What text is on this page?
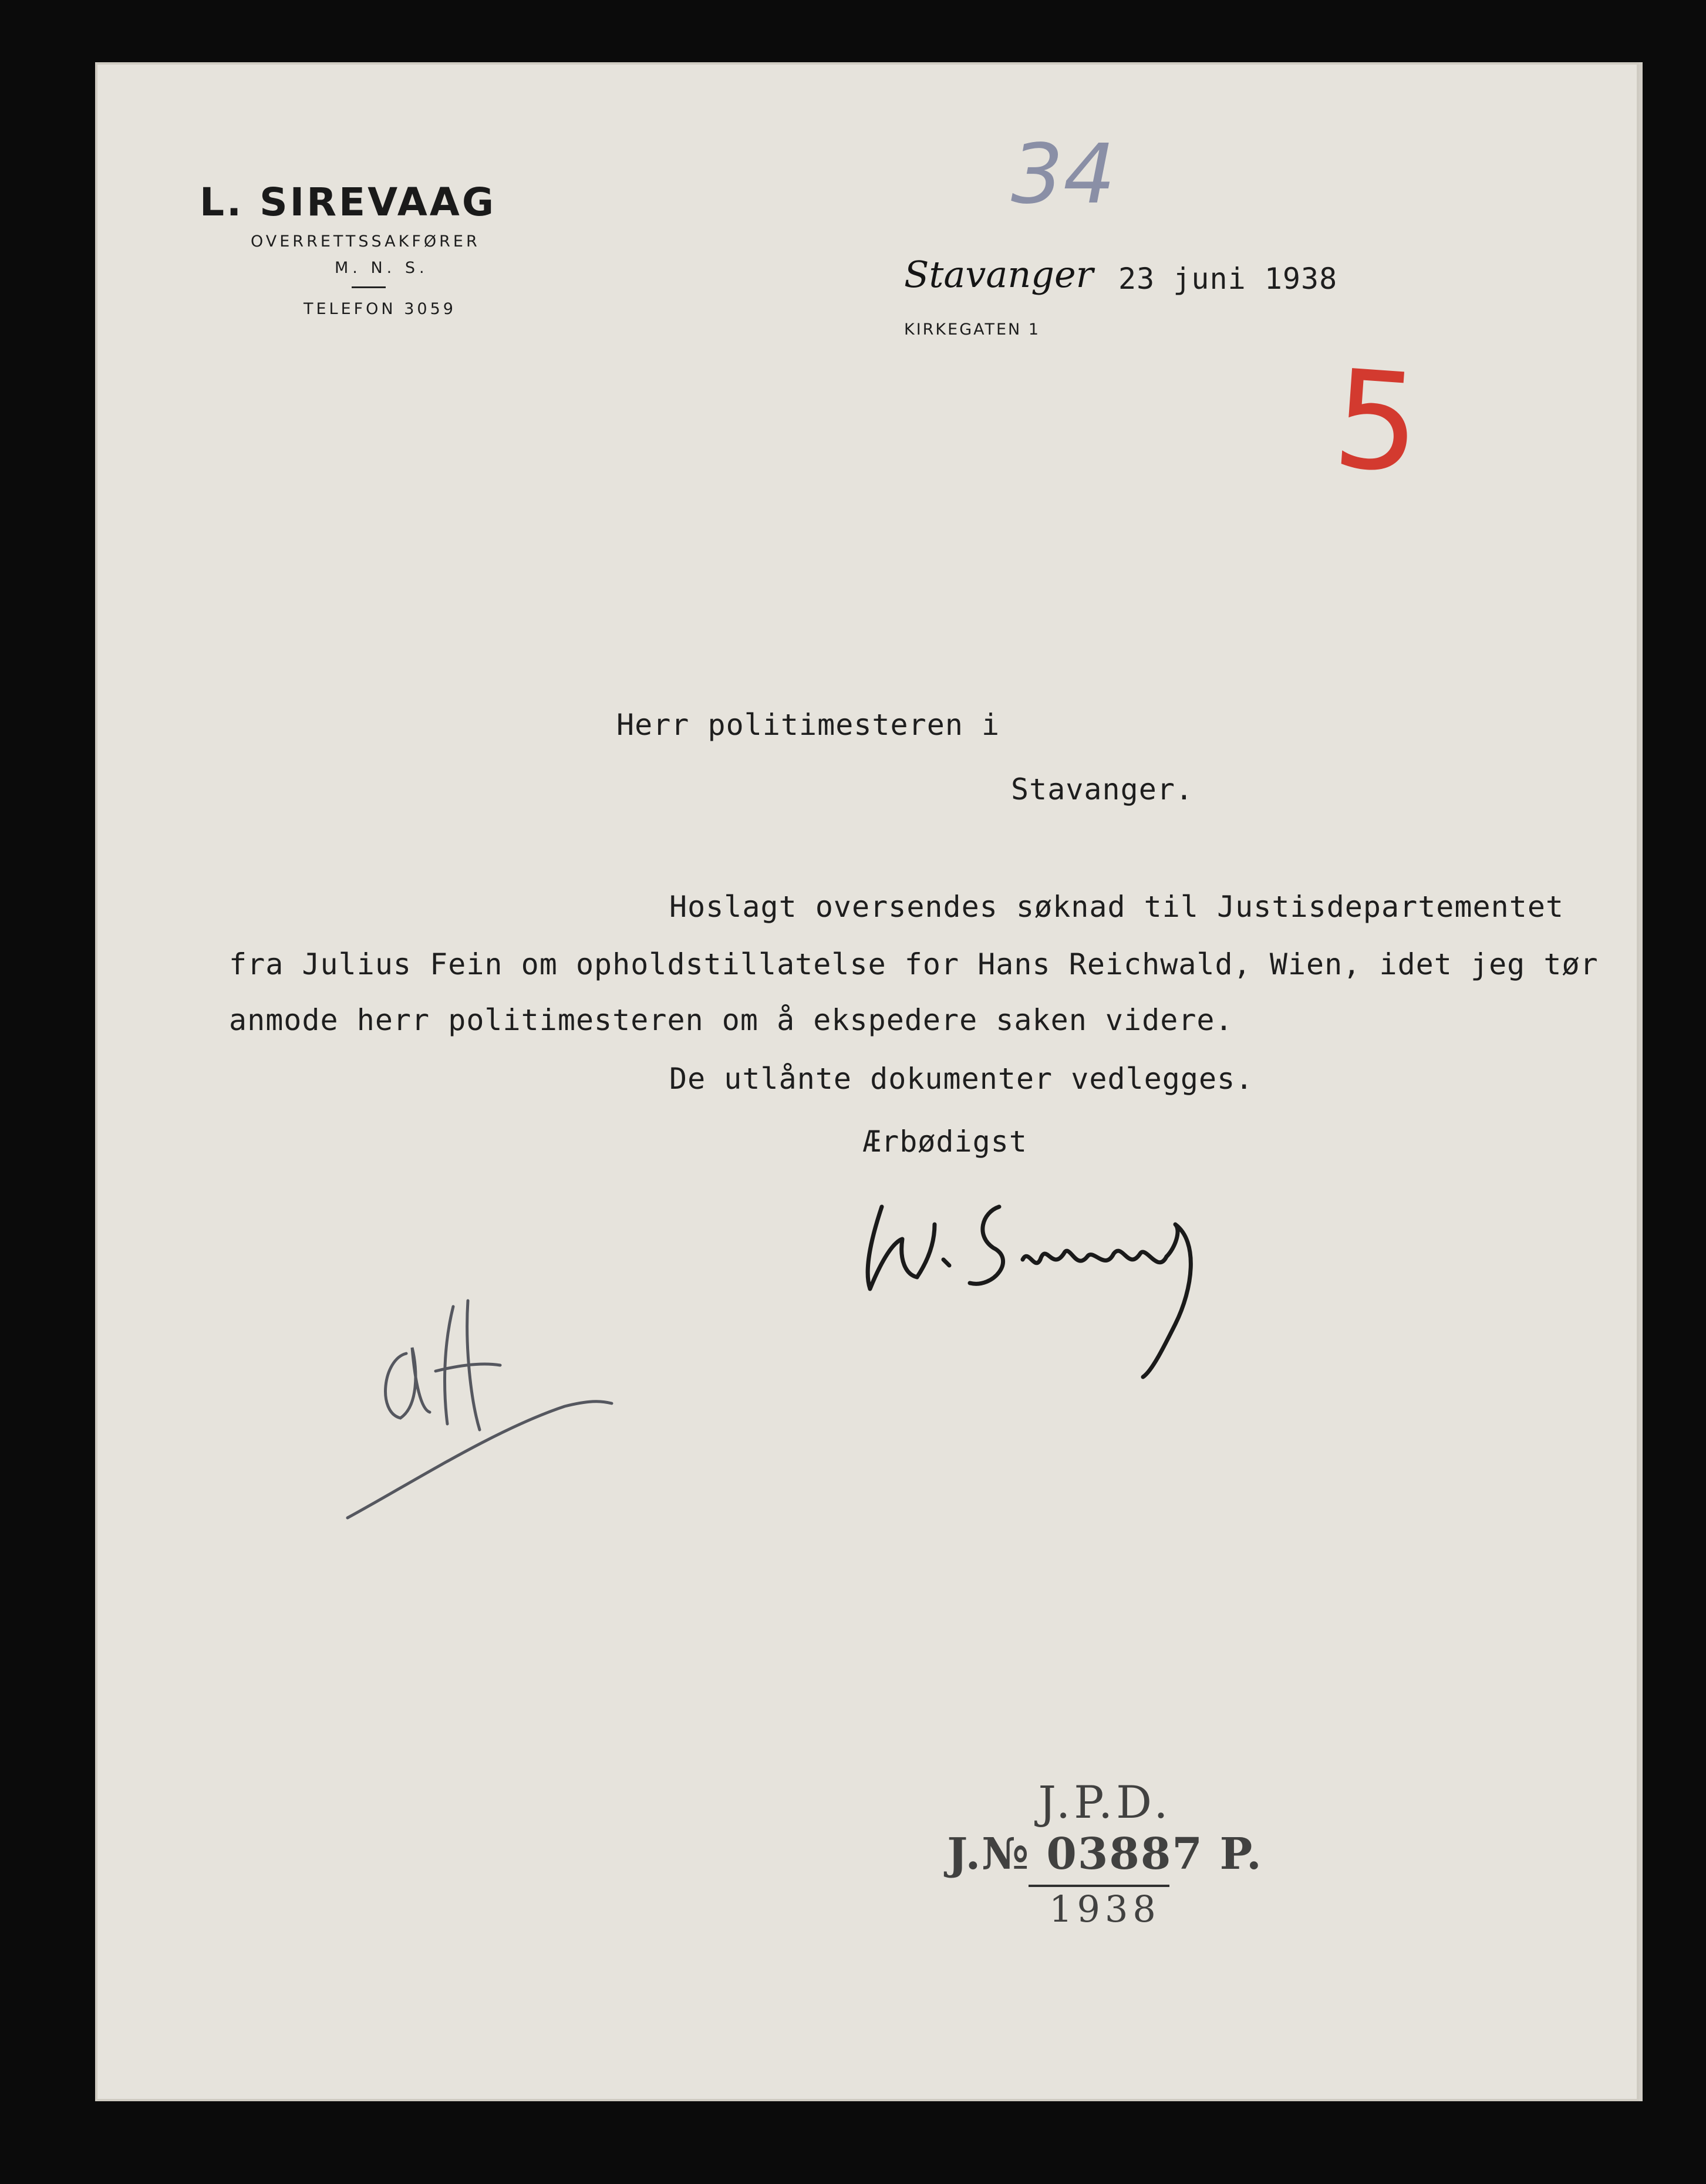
L. SIREVAAG
OVERRETTSSAKFØRER
M. N. S.
TELEFON 3059
34
Stavanger 23 juni 1938
KIRKEGATEN 1
5
Herr politimesteren i
Stavanger.
Hoslagt oversendes søknad til Justisdepartementet
fra Julius Fein om opholdstillatelse for Hans Reichwald, Wien, idet jeg tør
anmode herr politimesteren om å ekspedere saken videre.
De utlånte dokumenter vedlegges.
Ærbødigst
J.P.D.
J.№ 03887 P.
1938
